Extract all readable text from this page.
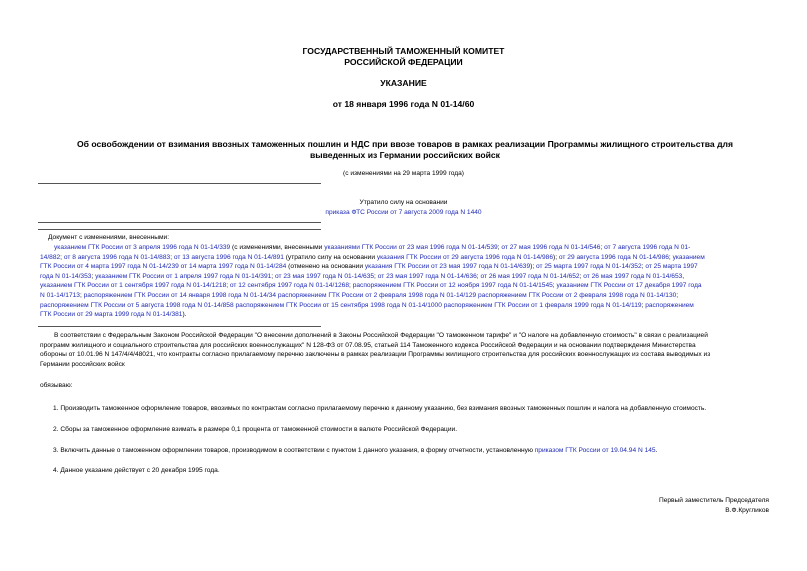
ГОСУДАРСТВЕННЫЙ ТАМОЖЕННЫЙ КОМИТЕТ
РОССИЙСКОЙ ФЕДЕРАЦИИ
УКАЗАНИЕ
от 18 января 1996 года N 01-14/60
Об освобождении от взимания ввозных таможенных пошлин и НДС при ввозе товаров в рамках реализации Программы жилищного строительства для
выведенных из Германии российских войск
(с изменениями на 29 марта 1999 года)
Утратило силу на основании
приказа ФТС России от 7 августа 2009 года N 1440
Документ с изменениями, внесенными:
указанием ГТК России от 3 апреля 1996 года N 01-14/339 (с изменениями, внесенными указаниями ГТК России от 23 мая 1996 года N 01-14/539; от 27 мая 1996 года N 01-14/546; от 7 августа 1996 года N 01-
14/882; от 8 августа 1996 года N 01-14/883; от 13 августа 1996 года N 01-14/891 (утратило силу на основании указания ГТК России от 29 августа 1996 года N 01-14/986); от 29 августа 1996 года N 01-14/986; указанием
ГТК России от 4 марта 1997 года N 01-14/239 от 14 марта 1997 года N 01-14/284 (отменено на основании указания ГТК России от 23 мая 1997 года N 01-14/639); от 25 марта 1997 года N 01-14/352; от 25 марта 1997
года N 01-14/353; указанием ГТК России от 1 апреля 1997 года N 01-14/391; от 23 мая 1997 года N 01-14/635; от 23 мая 1997 года N 01-14/636; от 26 мая 1997 года N 01-14/652; от 26 мая 1997 года N 01-14/653,
указанием ГТК России от 1 сентября 1997 года N 01-14/1218; от 12 сентября 1997 года N 01-14/1268; распоряжением ГТК России от 12 ноября 1997 года N 01-14/1545; указанием ГТК России от 17 декабря 1997 года
N 01-14/1713; распоряжением ГТК России от 14 января 1998 года N 01-14/34 распоряжением ГТК России от 2 февраля 1998 года N 01-14/129 распоряжением ГТК России от 2 февраля 1998 года N 01-14/130;
распоряжением ГТК России от 5 августа 1998 года N 01-14/858 распоряжением ГТК России от 15 сентября 1998 года N 01-14/1000 распоряжением ГТК России от 1 февраля 1999 года N 01-14/119; распоряжением
ГТК России от 29 марта 1999 года N 01-14/381).
В соответствии с Федеральным Законом Российской Федерации "О внесении дополнений в Законы Российской Федерации "О таможенном тарифе" и "О налоге на добавленную стоимость" в связи с реализацией
программ жилищного и социального строительства для российских военнослужащих" N 128-ФЗ от 07.08.95, статьей 114 Таможенного кодекса Российской Федерации и на основании подтверждения Министерства
обороны от 10.01.96 N 147/4/4/48021, что контракты согласно прилагаемому перечню заключены в рамках реализации Программы жилищного строительства для российских военнослужащих из состава выводимых из
Германии российских войск
обязываю:
1. Производить таможенное оформление товаров, ввозимых по контрактам согласно прилагаемому перечню к данному указанию, без взимания ввозных таможенных пошлин и налога на добавленную стоимость.
2. Сборы за таможенное оформление взимать в размере 0,1 процента от таможенной стоимости в валюте Российской Федерации.
3. Включить данные о таможенном оформлении товаров, производимом в соответствии с пунктом 1 данного указания, в форму отчетности, установленную приказом ГТК России от 19.04.94 N 145.
4. Данное указание действует с 20 декабря 1995 года.
Первый заместитель Председателя
В.Ф.Кругликов
